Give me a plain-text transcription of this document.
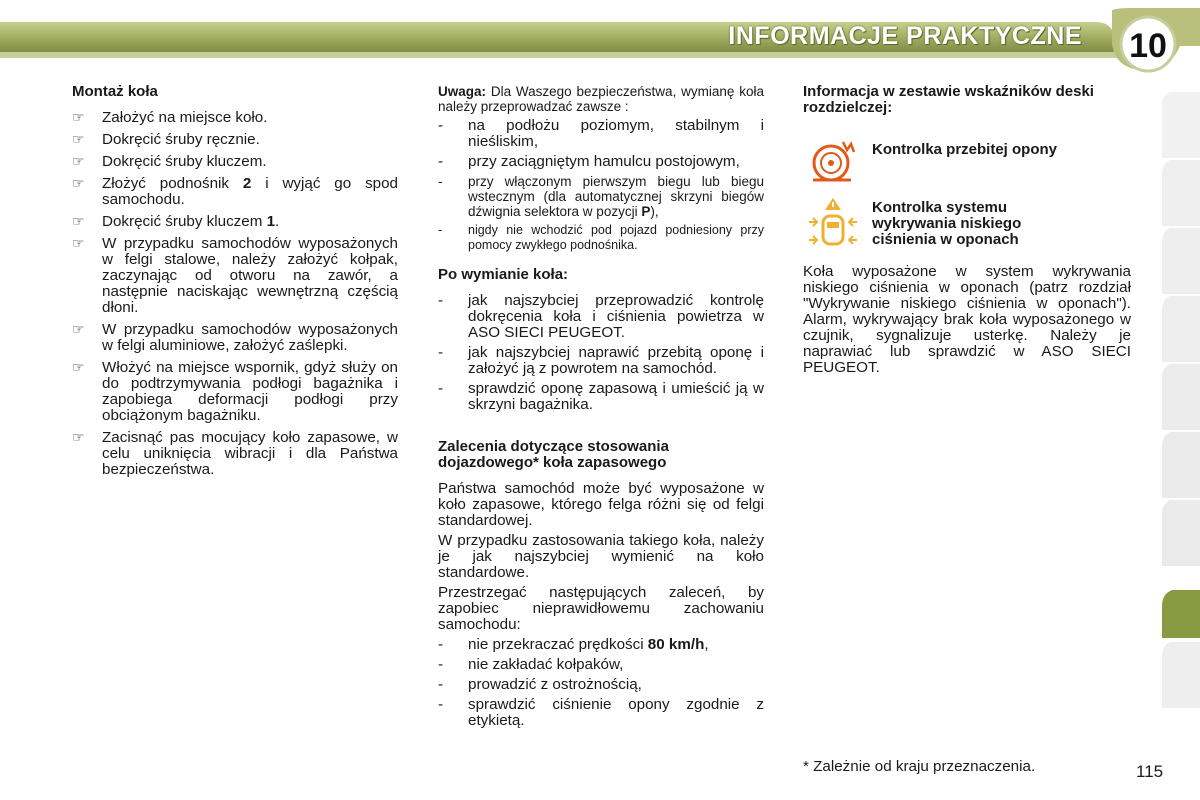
INFORMACJE PRAKTYCZNE 10
Montaż koła
☞ Założyć na miejsce koło.
☞ Dokręcić śruby ręcznie.
☞ Dokręcić śruby kluczem.
☞ Złożyć podnośnik 2 i wyjąć go spod samochodu.
☞ Dokręcić śruby kluczem 1.
☞ W przypadku samochodów wyposażonych w felgi stalowe, należy założyć kołpak, zaczynając od otworu na zawór, a następnie naciskając wewnętrzną częścią dłoni.
☞ W przypadku samochodów wyposażonych w felgi aluminiowe, założyć zaślepki.
☞ Włożyć na miejsce wspornik, gdyż służy on do podtrzymywania podłogi bagażnika i zapobiega deformacji podłogi przy obciążonym bagażniku.
☞ Zacisnąć pas mocujący koło zapasowe, w celu uniknięcia wibracji i dla Państwa bezpieczeństwa.

Uwaga: Dla Waszego bezpieczeństwa, wymianę koła należy przeprowadzać zawsze :

- na podłożu poziomym, stabilnym i nieśliskim,
- przy zaciągniętym hamulcu postojowym,
- przy włączonym pierwszym biegu lub biegu wstecznym (dla automatycznej skrzyni biegów dźwignia selektora w pozycji P),
- nigdy nie wchodzić pod pojazd podniesiony przy pomocy zwykłego podnośnika.
Po wymianie koła:
- jak najszybciej przeprowadzić kontrolę dokręcenia koła i ciśnienia powietrza w ASO SIECI PEUGEOT.
- jak najszybciej naprawić przebitą oponę i założyć ją z powrotem na samochód.
- sprawdzić oponę zapasową i umieścić ją w skrzyni bagażnika.
Zalecenia dotyczące stosowania dojazdowego* koła zapasowego

Państwa samochód może być wyposażone w koło zapasowe, którego felga różni się od felgi standardowej.

W przypadku zastosowania takiego koła, należy je jak najszybciej wymienić na koło standardowe.

Przestrzegać następujących zaleceń, by zapobiec nieprawidłowemu zachowaniu samochodu:

- nie przekraczać prędkości 80 km/h,
- nie zakładać kołpaków,
- prowadzić z ostrożnością,
- sprawdzić ciśnienie opony zgodnie z etykietą.
Informacja w zestawie wskaźników deski rozdzielczej:
Kontrolka przebitej opony
Kontrolka systemu wykrywania niskiego ciśnienia w oponach

Koła wyposażone w system wykrywania niskiego ciśnienia w oponach (patrz rozdział "Wykrywanie niskiego ciśnienia w oponach"). Alarm, wykrywający brak koła wyposażonego w czujnik, sygnalizuje usterkę. Należy je naprawiać lub sprawdzić w ASO SIECI PEUGEOT.

* Zależnie od kraju przeznaczenia.	115
